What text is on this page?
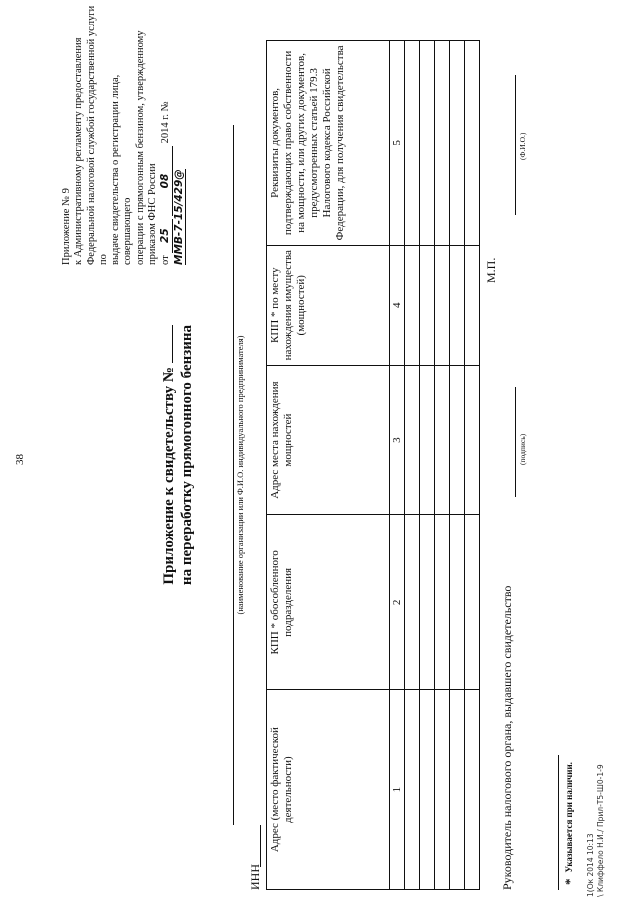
38
Приложение № 9 к Административному регламенту предоставления Федеральной налоговой службой государственной услуги по выдаче свидетельства о регистрации лица, совершающего операции с прямогонным бензином, утвержденному приказом ФНС России от 25 08 2014 г. № ММВ-7-15/429@
Приложение к свидетельству № на переработку прямогонного бензина	(наименование организации или Ф.И.О. индивидуального предпринимателя)
ИНН
Адрес (место фактической деятельности)	КПП * обособленного подразделения	Адрес места нахождения мощностей	КПП * по месту нахождения имущества (мощностей)	Реквизиты документов, подтверждающих право собственности на мощности, или других документов, предусмотренных статьей 179.3 Налогового кодекса Российской Федерации, для получения свидетельства
1	2	3	4	5

Руководитель налогового органа, выдавшего свидетельство
(подпись)
М.П.
(Ф.И.О.)
*Указывается при наличии.	1(Ок 2014 10:13 \ Клиффело Н.И./ Прил-Т5-Ш0-1-9
